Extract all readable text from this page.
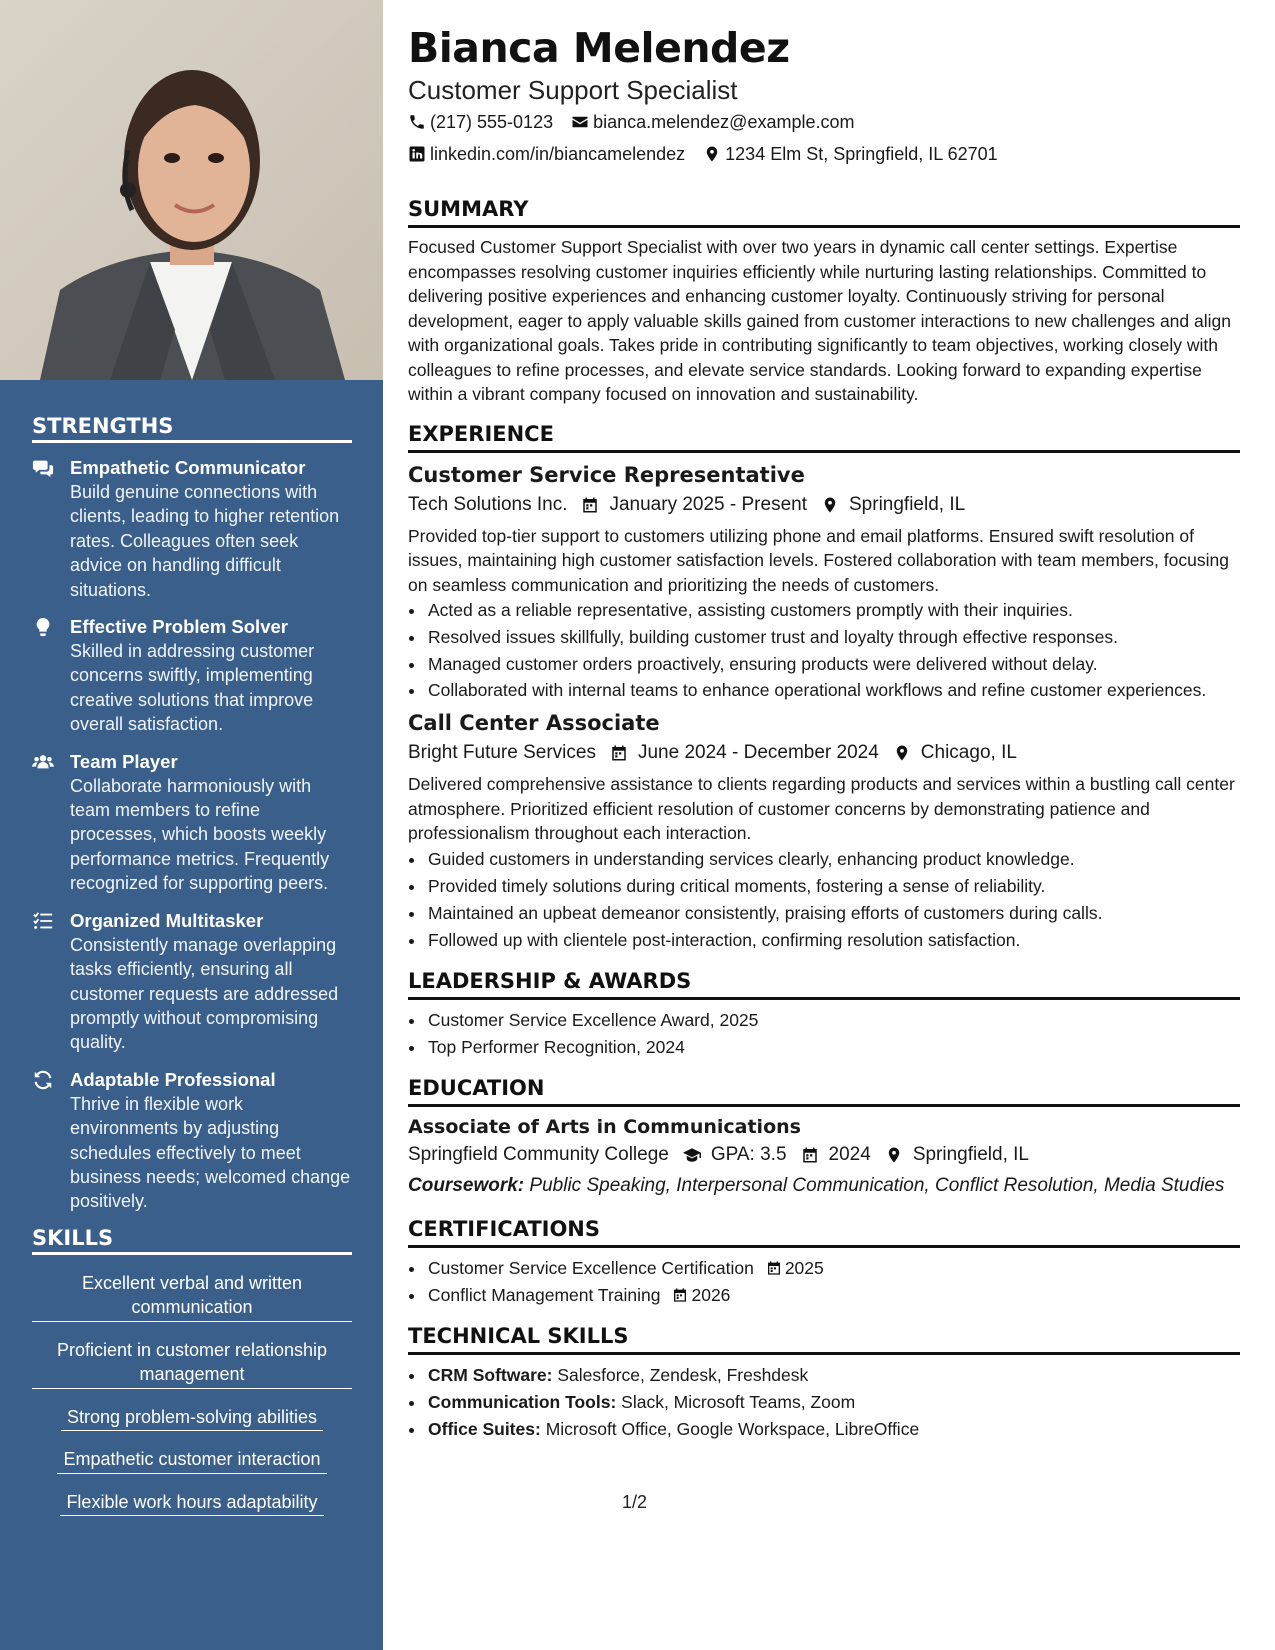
STRENGTHS
Empathetic Communicator
Build genuine connections with clients, leading to higher retention rates. Colleagues often seek advice on handling difficult situations.
Effective Problem Solver
Skilled in addressing customer concerns swiftly, implementing creative solutions that improve overall satisfaction.
Team Player
Collaborate harmoniously with team members to refine processes, which boosts weekly performance metrics. Frequently recognized for supporting peers.
Organized Multitasker
Consistently manage overlapping tasks efficiently, ensuring all customer requests are addressed promptly without compromising quality.
Adaptable Professional
Thrive in flexible work environments by adjusting schedules effectively to meet business needs; welcomed change positively.
SKILLS
Excellent verbal and written communication
Proficient in customer relationship management
Strong problem-solving abilities
Empathetic customer interaction
Flexible work hours adaptability
Bianca Melendez
Customer Support Specialist
(217) 555-0123 bianca.melendez@example.com
linkedin.com/in/biancamelendez 1234 Elm St, Springfield, IL 62701
SUMMARY

Focused Customer Support Specialist with over two years in dynamic call center settings. Expertise encompasses resolving customer inquiries efficiently while nurturing lasting relationships. Committed to delivering positive experiences and enhancing customer loyalty. Continuously striving for personal development, eager to apply valuable skills gained from customer interactions to new challenges and align with organizational goals. Takes pride in contributing significantly to team objectives, working closely with colleagues to refine processes, and elevate service standards. Looking forward to expanding expertise within a vibrant company focused on innovation and sustainability.

EXPERIENCE
Customer Service Representative
Tech Solutions Inc. January 2025 - Present Springfield, IL

Provided top-tier support to customers utilizing phone and email platforms. Ensured swift resolution of issues, maintaining high customer satisfaction levels. Fostered collaboration with team members, focusing on seamless communication and prioritizing the needs of customers.

• Acted as a reliable representative, assisting customers promptly with their inquiries.
• Resolved issues skillfully, building customer trust and loyalty through effective responses.
• Managed customer orders proactively, ensuring products were delivered without delay.
• Collaborated with internal teams to enhance operational workflows and refine customer experiences.
Call Center Associate
Bright Future Services June 2024 - December 2024 Chicago, IL

Delivered comprehensive assistance to clients regarding products and services within a bustling call center atmosphere. Prioritized efficient resolution of customer concerns by demonstrating patience and professionalism throughout each interaction.

• Guided customers in understanding services clearly, enhancing product knowledge.
• Provided timely solutions during critical moments, fostering a sense of reliability.
• Maintained an upbeat demeanor consistently, praising efforts of customers during calls.
• Followed up with clientele post-interaction, confirming resolution satisfaction.
LEADERSHIP & AWARDS
• Customer Service Excellence Award, 2025
• Top Performer Recognition, 2024
EDUCATION
Associate of Arts in Communications
Springfield Community College GPA: 3.5 2024 Springfield, IL
Coursework: Public Speaking, Interpersonal Communication, Conflict Resolution, Media Studies
CERTIFICATIONS
• Customer Service Excellence Certification 2025
• Conflict Management Training 2026
TECHNICAL SKILLS
• CRM Software: Salesforce, Zendesk, Freshdesk
• Communication Tools: Slack, Microsoft Teams, Zoom
• Office Suites: Microsoft Office, Google Workspace, LibreOffice
1/2
